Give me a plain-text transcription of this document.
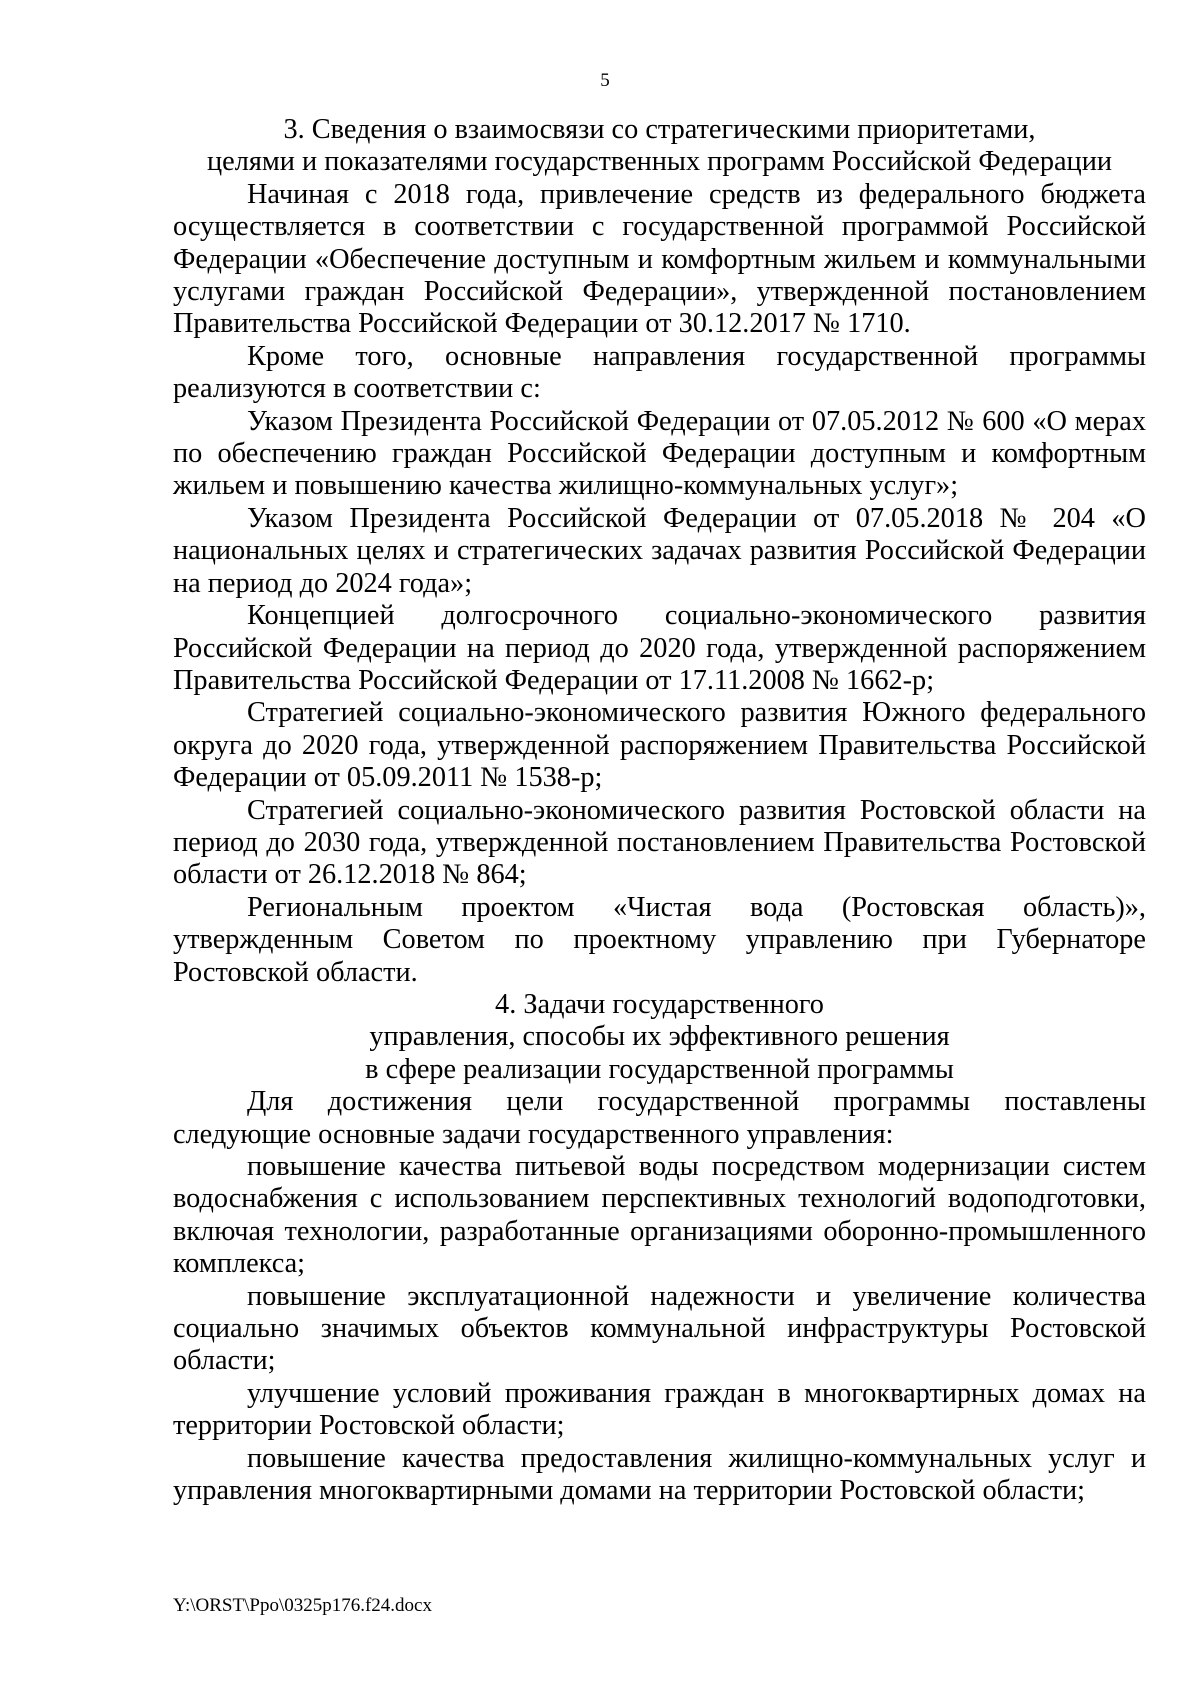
5
3. Сведения о взаимосвязи со стратегическими приоритетами,
целями и показателями государственных программ Российской Федерации

Начиная с 2018 года, привлечение средств из федерального бюджета осуществляется в соответствии с государственной программой Российской Федерации «Обеспечение доступным и комфортным жильем и коммунальными услугами граждан Российской Федерации», утвержденной постановлением Правительства Российской Федерации от 30.12.2017 № 1710.

Кроме того, основные направления государственной программы реализуются в соответствии с:

Указом Президента Российской Федерации от 07.05.2012 № 600 «О мерах по обеспечению граждан Российской Федерации доступным и комфортным жильем и повышению качества жилищно-коммунальных услуг»;

Указом Президента Российской Федерации от 07.05.2018 № 204 «О национальных целях и стратегических задачах развития Российской Федерации на период до 2024 года»;

Концепцией долгосрочного социально-экономического развития Российской Федерации на период до 2020 года, утвержденной распоряжением Правительства Российской Федерации от 17.11.2008 № 1662-р;

Стратегией социально-экономического развития Южного федерального округа до 2020 года, утвержденной распоряжением Правительства Российской Федерации от 05.09.2011 № 1538-р;

Стратегией социально-экономического развития Ростовской области на период до 2030 года, утвержденной постановлением Правительства Ростовской области от 26.12.2018 № 864;

Региональным проектом «Чистая вода (Ростовская область)», утвержденным Советом по проектному управлению при Губернаторе Ростовской области.

4. Задачи государственного
управления, способы их эффективного решения
в сфере реализации государственной программы

Для достижения цели государственной программы поставлены следующие основные задачи государственного управления:

повышение качества питьевой воды посредством модернизации систем водоснабжения с использованием перспективных технологий водоподготовки, включая технологии, разработанные организациями оборонно-промышленного комплекса;

повышение эксплуатационной надежности и увеличение количества социально значимых объектов коммунальной инфраструктуры Ростовской области;

улучшение условий проживания граждан в многоквартирных домах на территории Ростовской области;

повышение качества предоставления жилищно-коммунальных услуг и управления многоквартирными домами на территории Ростовской области;

Y:\ORST\Ppo\0325p176.f24.docx
